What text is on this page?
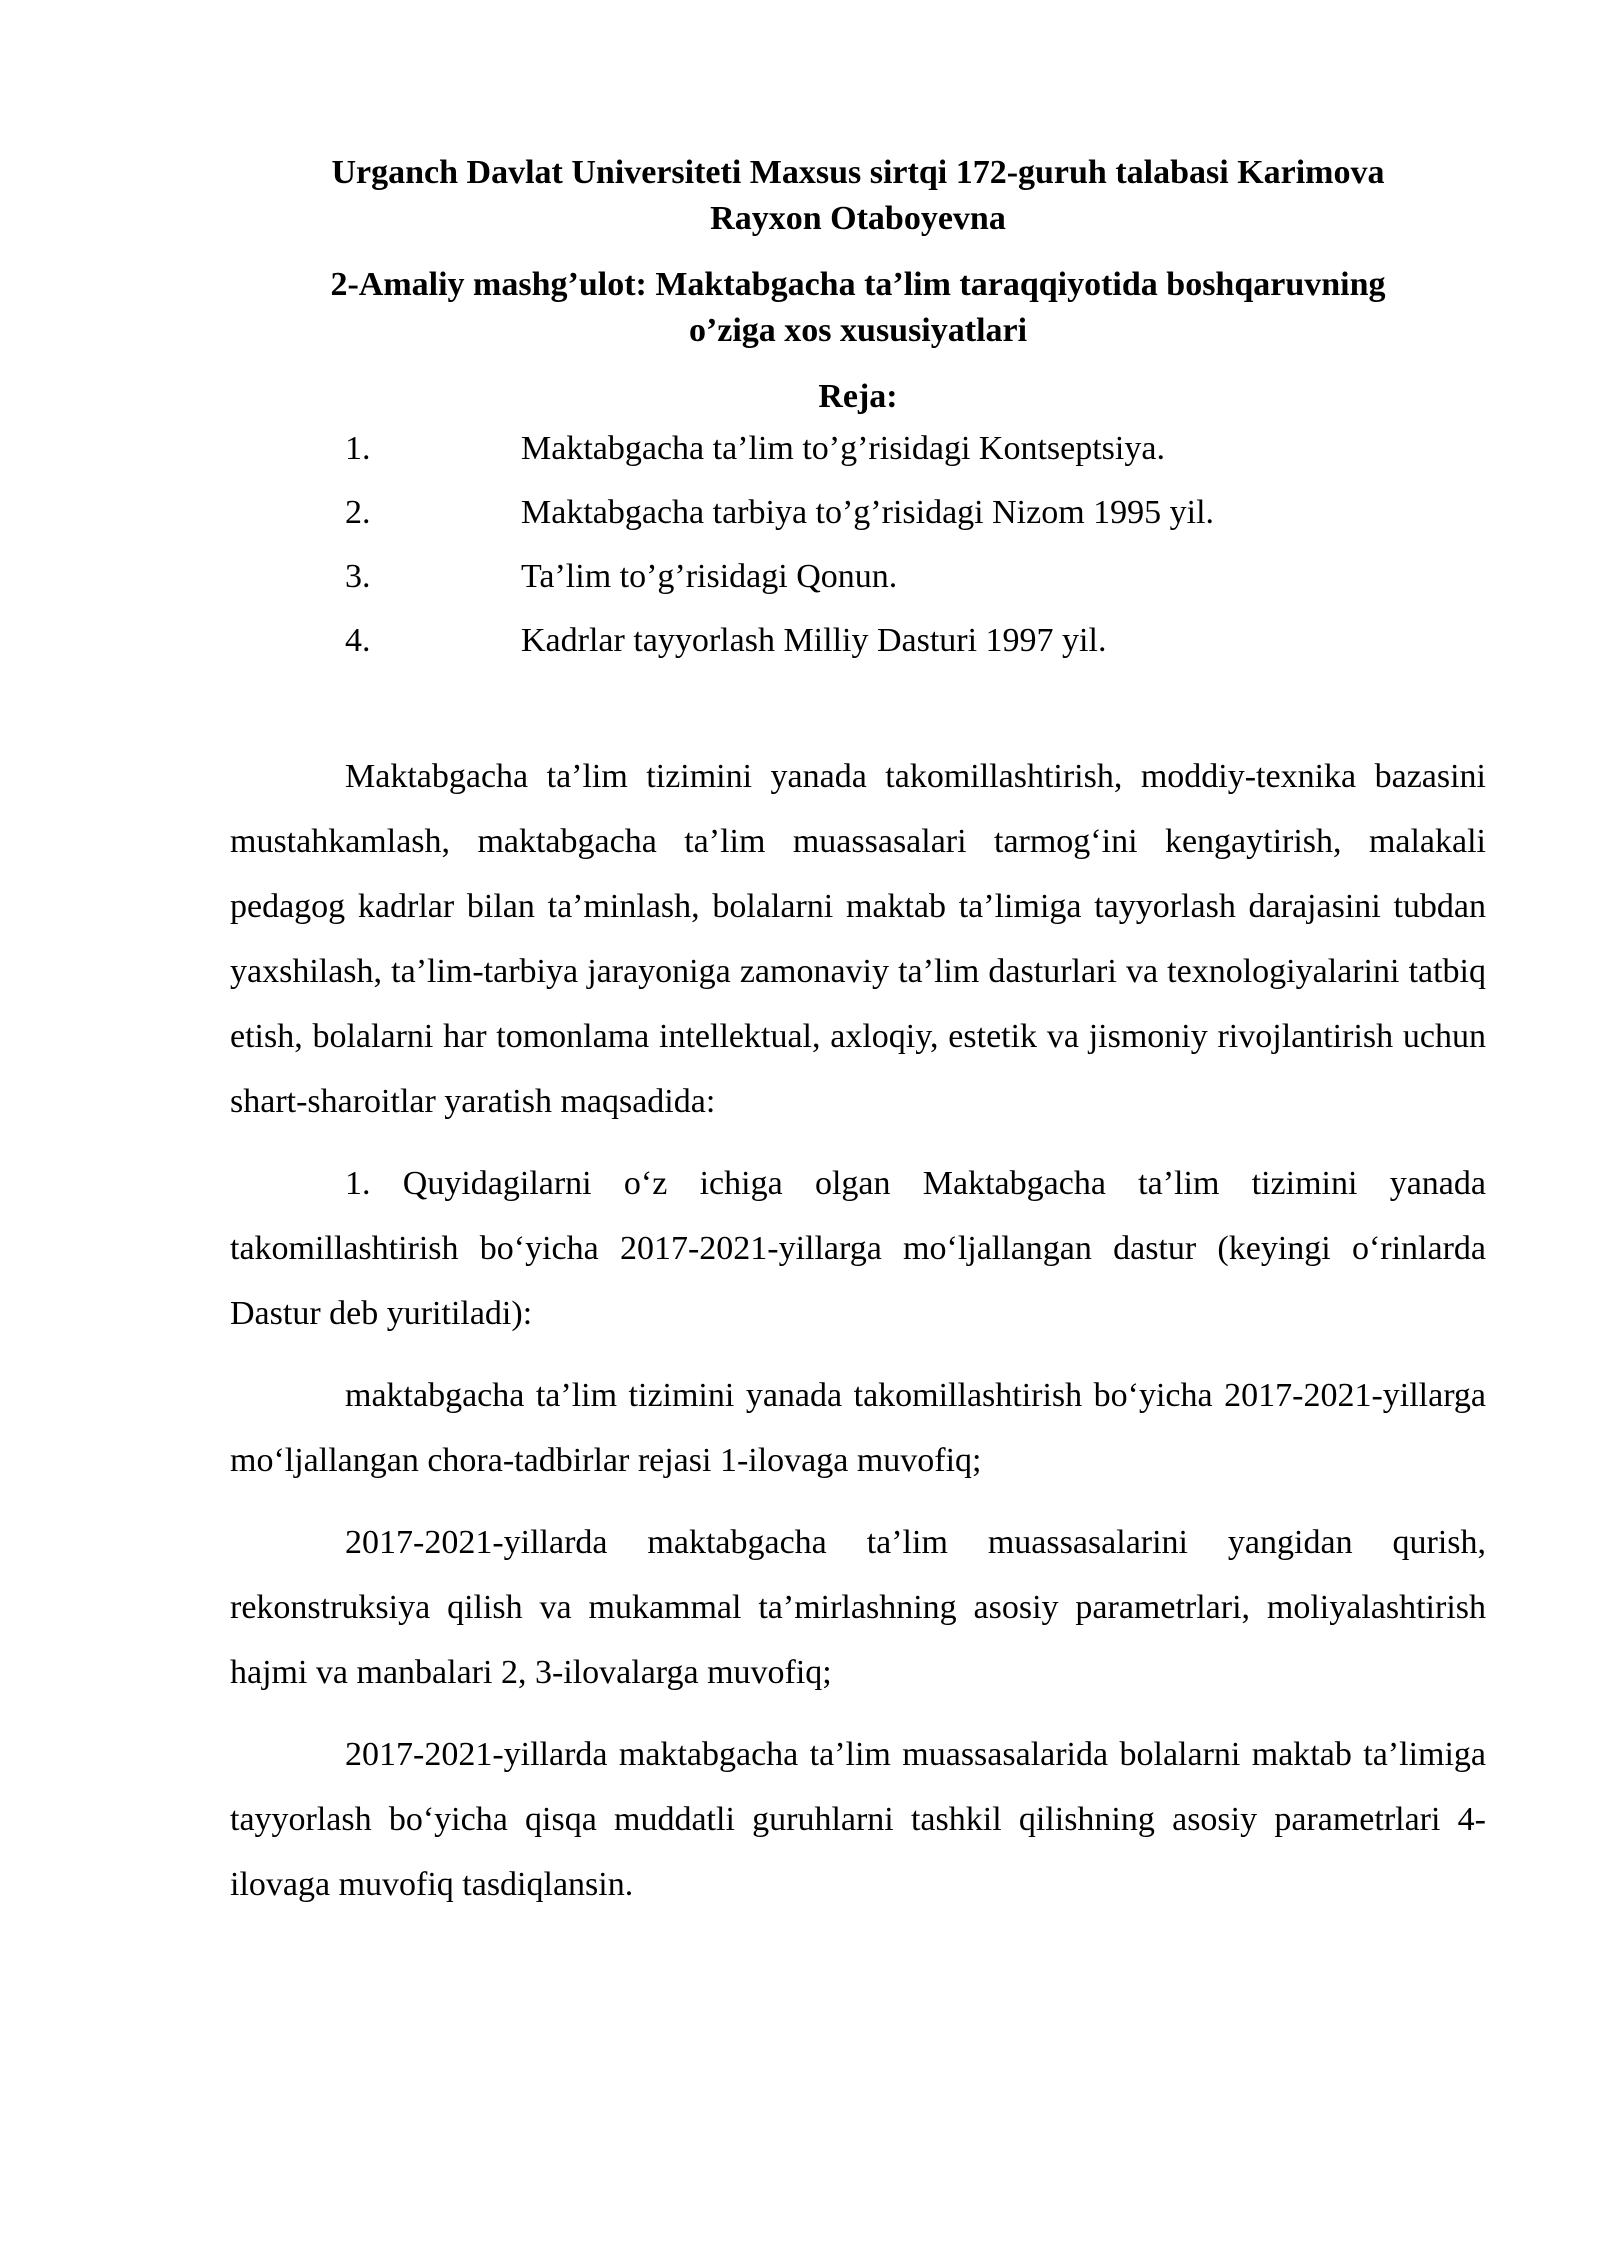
Urganch Davlat Universiteti Maxsus sirtqi 172-guruh talabasi Karimova
Rayxon Otaboyevna
2-Amaliy mashg’ulot: Maktabgacha ta’lim taraqqiyotida boshqaruvning
o’ziga xos xususiyatlari
Reja:
1.	Maktabgacha ta’lim to’g’risidagi Kontseptsiya.
2.	Maktabgacha tarbiya to’g’risidagi Nizom 1995 yil.
3.	Ta’lim to’g’risidagi Qonun.
4.	Kadrlar tayyorlash Milliy Dasturi 1997 yil.

Maktabgacha ta’lim tizimini yanada takomillashtirish, moddiy-texnika bazasini mustahkamlash, maktabgacha ta’lim muassasalari tarmog‘ini kengaytirish, malakali pedagog kadrlar bilan ta’minlash, bolalarni maktab ta’limiga tayyorlash darajasini tubdan yaxshilash, ta’lim-tarbiya jarayoniga zamonaviy ta’lim dasturlari va texnologiyalarini tatbiq etish, bolalarni har tomonlama intellektual, axloqiy, estetik va jismoniy rivojlantirish uchun shart-sharoitlar yaratish maqsadida:

1. Quyidagilarni o‘z ichiga olgan Maktabgacha ta’lim tizimini yanada takomillashtirish bo‘yicha 2017-2021-yillarga mo‘ljallangan dastur (keyingi o‘rinlarda Dastur deb yuritiladi):

maktabgacha ta’lim tizimini yanada takomillashtirish bo‘yicha 2017-2021-yillarga mo‘ljallangan chora-tadbirlar rejasi 1-ilovaga muvofiq;

2017-2021-yillarda maktabgacha ta’lim muassasalarini yangidan qurish, rekonstruksiya qilish va mukammal ta’mirlashning asosiy parametrlari, moliyalashtirish hajmi va manbalari 2, 3-ilovalarga muvofiq;

2017-2021-yillarda maktabgacha ta’lim muassasalarida bolalarni maktab ta’limiga tayyorlash bo‘yicha qisqa muddatli guruhlarni tashkil qilishning asosiy parametrlari 4-ilovaga muvofiq tasdiqlansin.
